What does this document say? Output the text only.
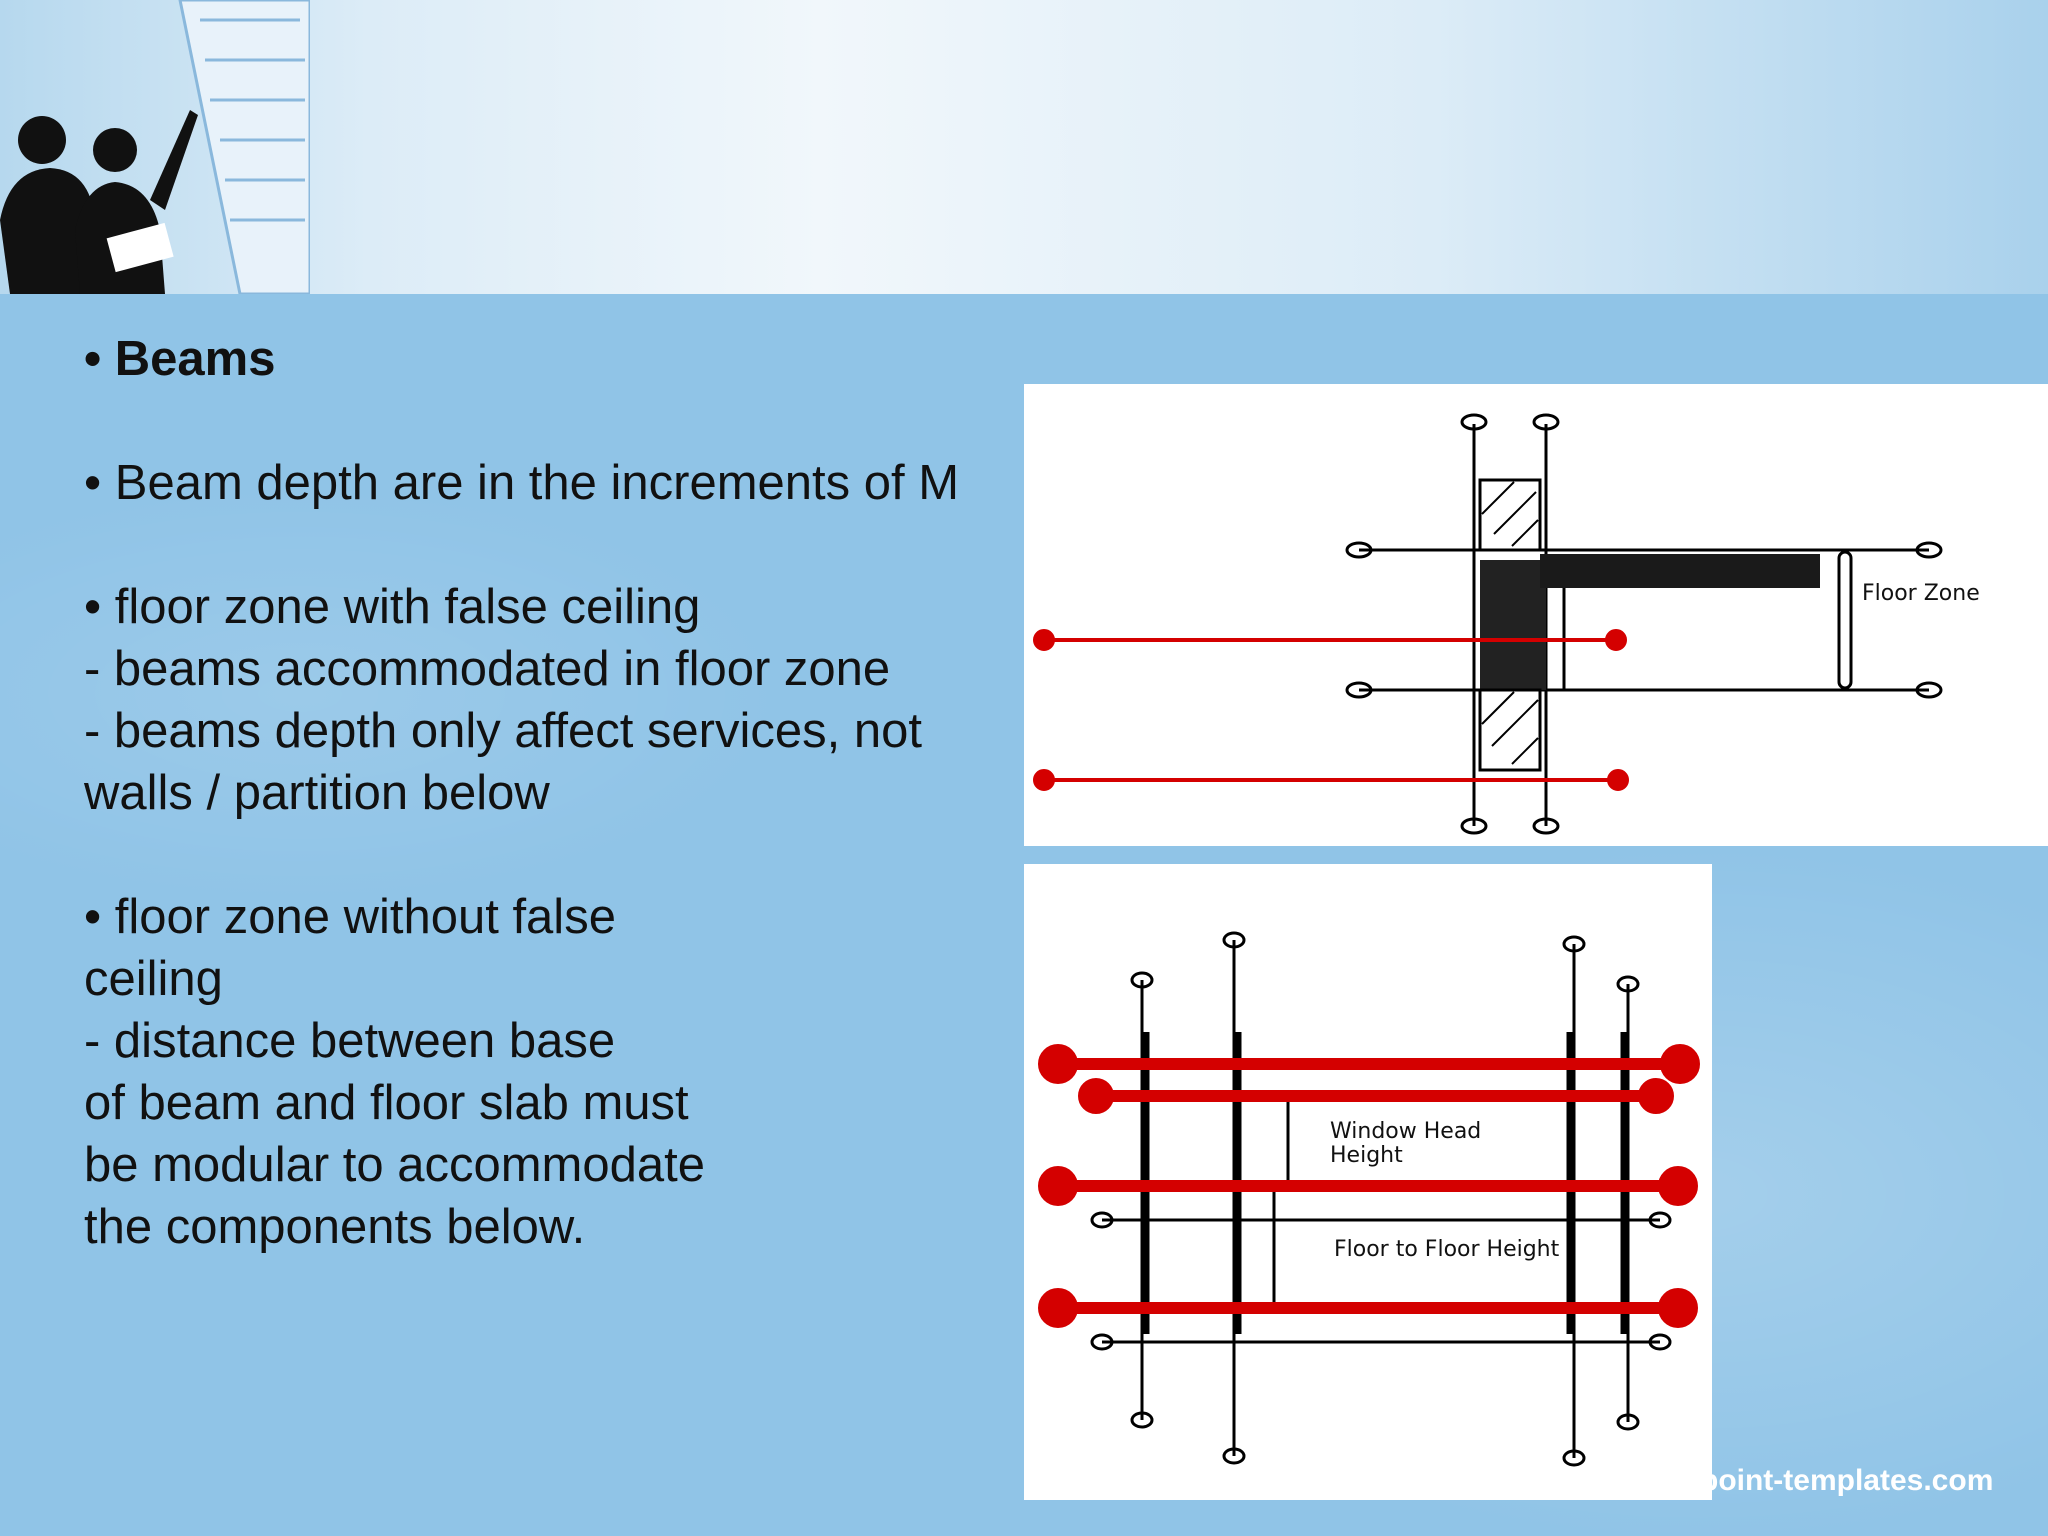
• Beams

• Beam depth are in the increments of M

• floor zone with false ceiling
- beams accommodated in floor zone
- beams depth only affect services, not
walls / partition below

• floor zone without false
ceiling
- distance between base
of beam and floor slab must
be modular to accommodate
the components below.

Floor Zone
Window Head Height
Floor to Floor Height
point-templates.com
